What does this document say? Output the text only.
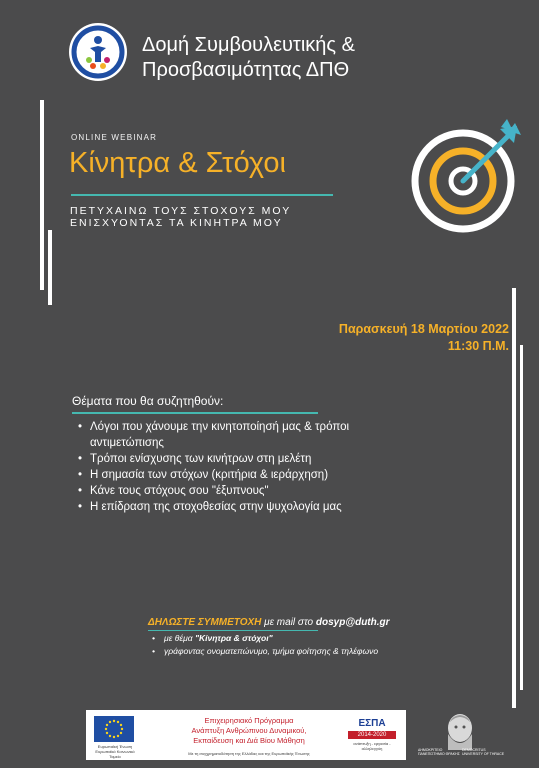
Δομή Συμβουλευτικής &
Προσβασιμότητας ΔΠΘ
ONLINE WEBINAR
Κίνητρα & Στόχοι
ΠΕΤΥΧΑΙΝΩ ΤΟΥΣ ΣΤΟΧΟΥΣ ΜΟΥ
ΕΝΙΣΧΥΟΝΤΑΣ ΤΑ ΚΙΝΗΤΡΑ ΜΟΥ
Παρασκευή 18 Μαρτίου 2022
11:30 Π.Μ.
Θέματα που θα συζητηθούν:
• Λόγοι που χάνουμε την κινητοποίησή μας & τρόποι
αντιμετώπισης
• Τρόποι ενίσχυσης των κινήτρων στη μελέτη
• Η σημασία των στόχων (κριτήρια & ιεράρχηση)
• Κάνε τους στόχους σου "έξυπνους"
• Η επίδραση της στοχοθεσίας στην ψυχολογία μας
ΔΗΛΩΣΤΕ ΣΥΜΜΕΤΟΧΗ με mail στο dosyp@duth.gr
• με θέμα "Κίνητρα & στόχοι"
• γράφοντας ονοματεπώνυμο, τμήμα φοίτησης & τηλέφωνο
Ευρωπαϊκή Ένωση Ευρωπαϊκό Κοινωνικό Ταμείο
Επιχειρησιακό Πρόγραμμα
Ανάπτυξη Ανθρώπινου Δυναμικού,
Εκπαίδευση και Διά Βίου Μάθηση
Με τη συγχρηματοδότηση της Ελλάδας και της Ευρωπαϊκής Ένωσης
ΕΣΠΑ
2014-2020
ανάπτυξη - εργασία - αλληλεγγύη	ΔΗΜΟΚΡΙΤΕΙΟ ΠΑΝΕΠΙΣΤΗΜΙΟ ΘΡΑΚΗΣDEMOCRITUS UNIVERSITY OF THRACE
